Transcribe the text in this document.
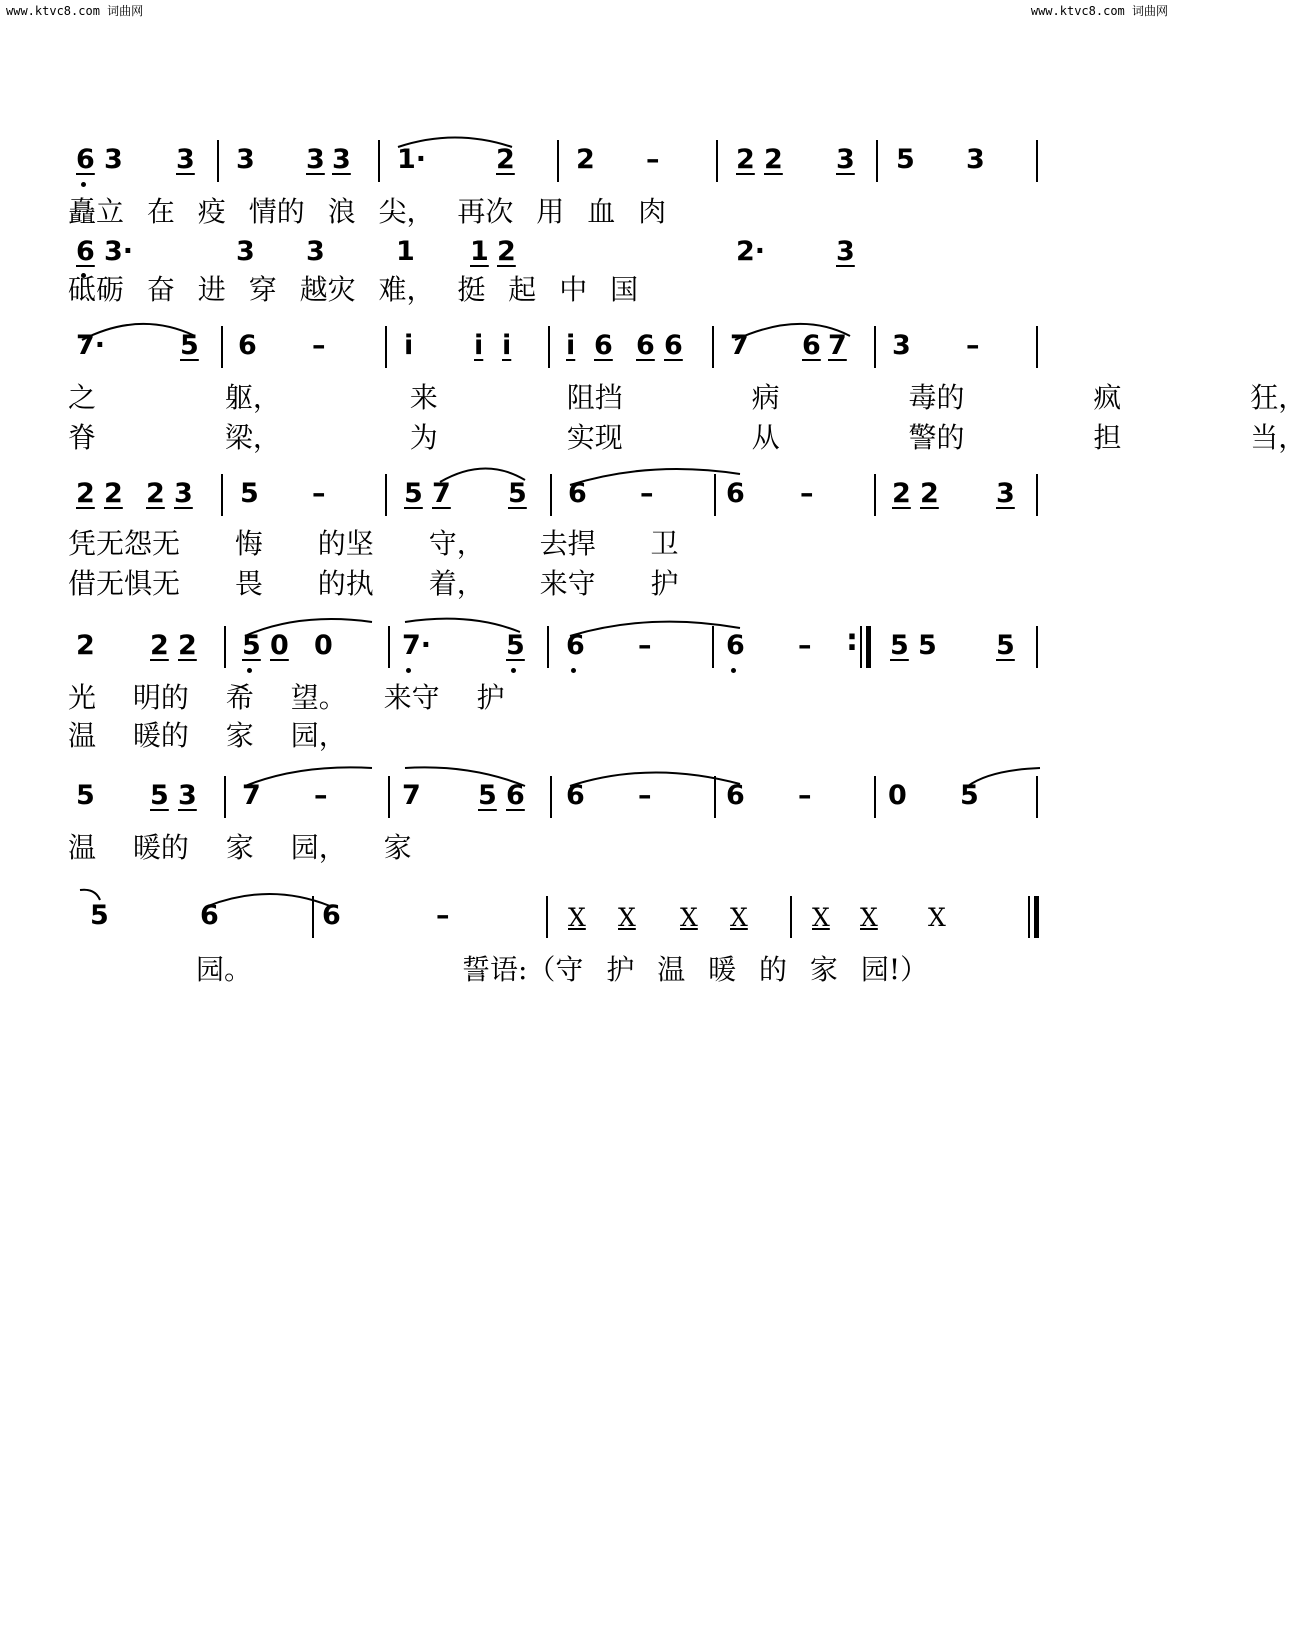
www.ktvc8.com 词曲网	www.ktvc8.com 词曲网
6 3 3 3 3 3 1·	2 2 –	2 2 3 5 3
矗立 在 疫 情的 浪 尖， 再次 用 血 肉
6 3·	3 3	1 1 2	2·	3
砥砺 奋 进 穿 越灾 难， 挺 起 中 国
7·	5 6 –	i i i i 6 6 6 7 6 7 3 –
之 躯， 来 阻挡 病 毒的 疯 狂，
脊 梁， 为 实现 从 警的 担 当，
2 2 2 3 5 –	5 7 5 6 –	6 –	2 2 3
凭无怨无 悔 的坚 守， 去捍 卫
借无惧无 畏 的执 着， 来守 护
2 2 2 5 0 0	7·	5 6 –	6 – : 5 5 5
光 明的 希 望。 来守 护
温 暖的 家 园，
5 5 3 7 –	7 5 6 6 –	6 –	0 5
温 暖的 家 园， 家
5	6	6	–	X X X X	X X X
园。	誓语:（守 护 温 暖 的 家 园!）
